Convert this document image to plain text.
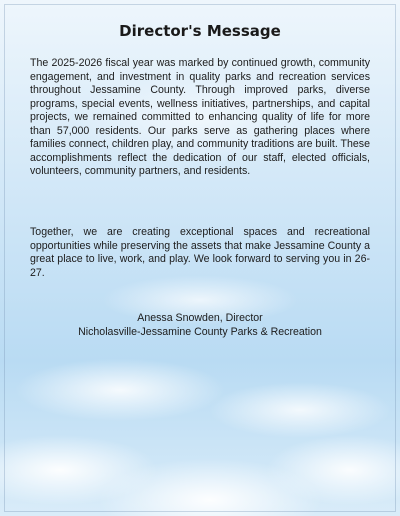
Director's Message

The 2025-2026 fiscal year was marked by continued growth, community engagement, and investment in quality parks and recreation services throughout Jessamine County. Through improved parks, diverse programs, special events, wellness initiatives, partnerships, and capital projects, we remained committed to enhancing quality of life for more than 57,000 residents. Our parks serve as gathering places where families connect, children play, and community traditions are built. These accomplishments reflect the dedication of our staff, elected officials, volunteers, community partners, and residents.

Together, we are creating exceptional spaces and recreational opportunities while preserving the assets that make Jessamine County a great place to live, work, and play. We look forward to serving you in 26-27.

Anessa Snowden, Director
Nicholasville-Jessamine County Parks & Recreation
